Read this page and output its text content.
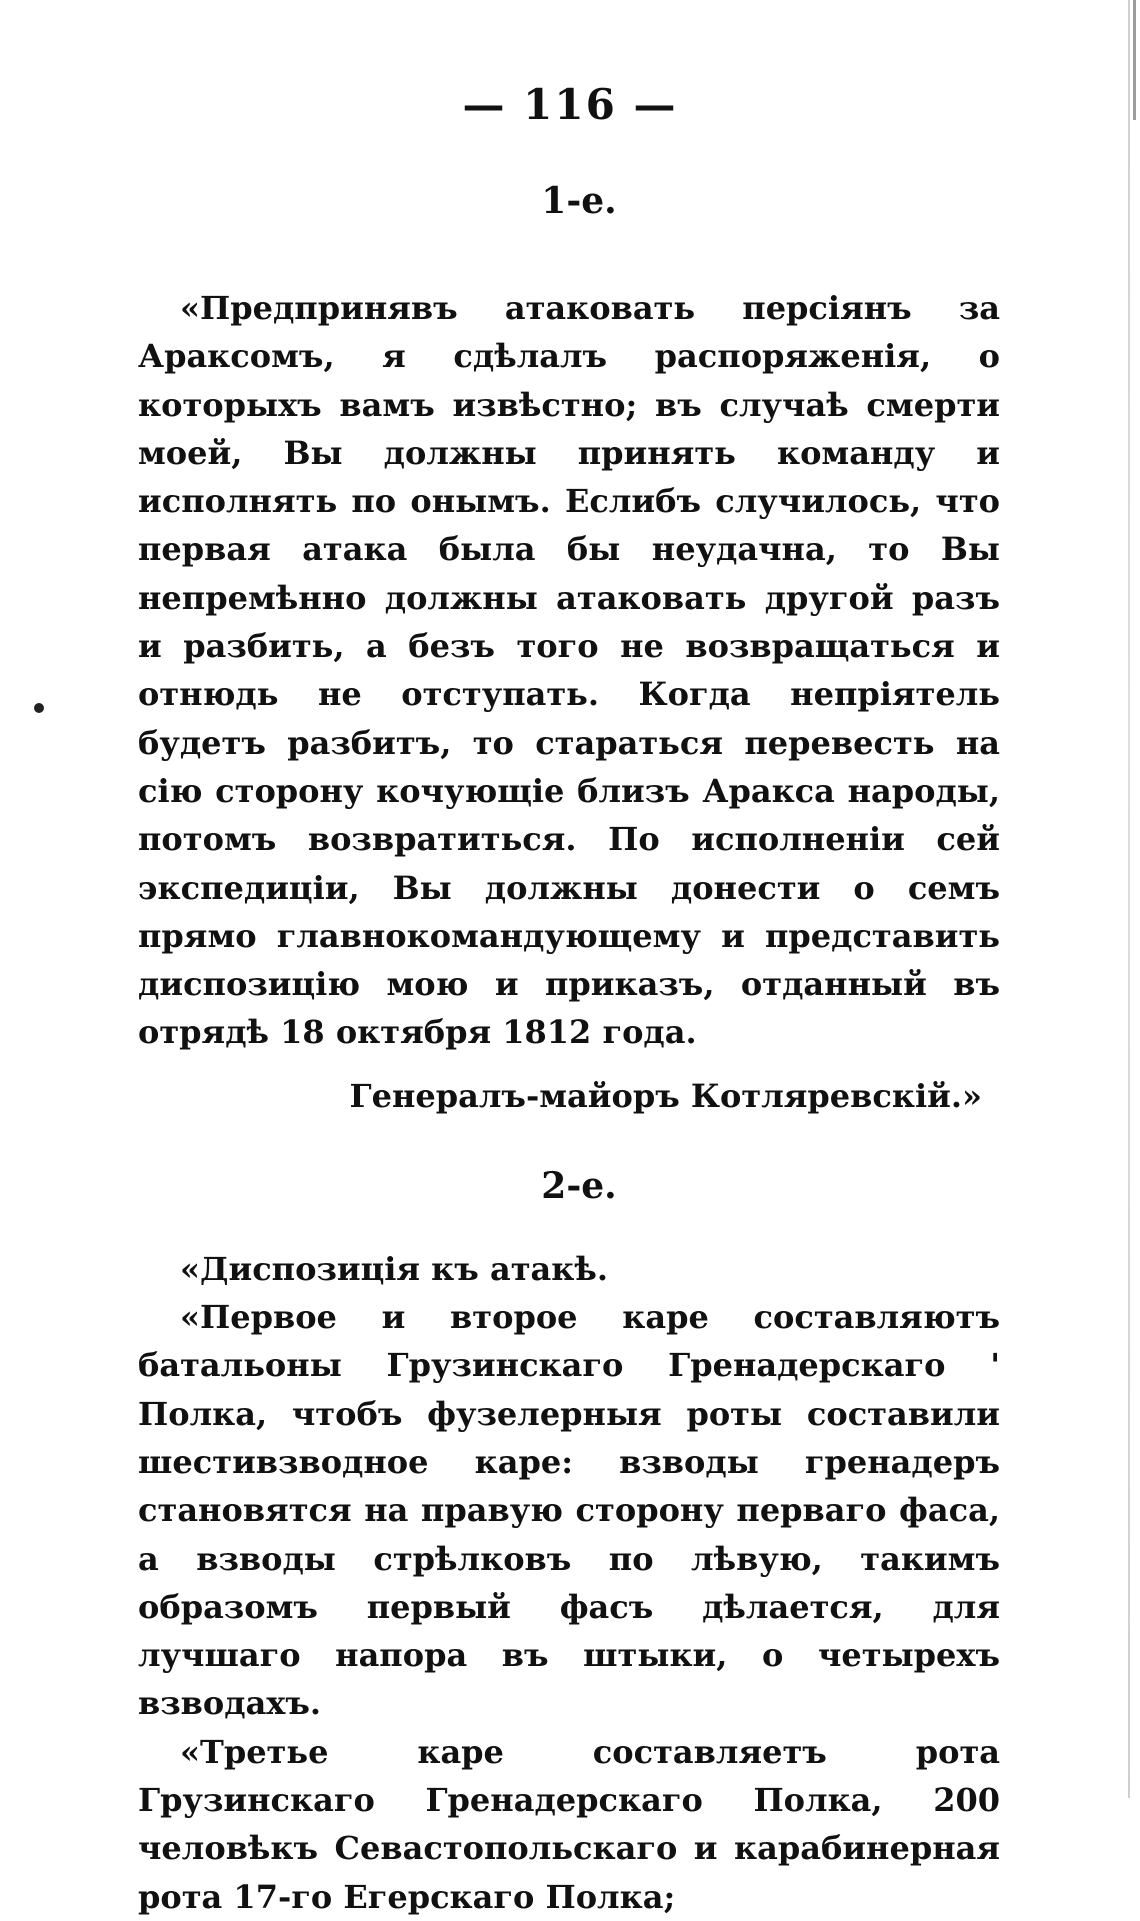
— 116 —
1-е.

«Предпринявъ атаковать персіянъ за Араксомъ, я сдѣлалъ распоряженія, о которыхъ вамъ извѣстно; въ случаѣ смерти моей, Вы должны принять команду и исполнять по онымъ. Еслибъ случилось, что первая атака была бы неудачна, то Вы непремѣнно должны атаковать другой разъ и разбить, а безъ того не возвращаться и отнюдь не отступать. Когда непріятель будетъ разбитъ, то стараться перевесть на сію сторону кочующіе близъ Аракса народы, потомъ возвратиться. По исполненіи сей экспедиціи, Вы должны донести о семъ прямо главнокомандующему и представить диспозицію мою и приказъ, отданный въ отрядѣ 18 октября 1812 года.

Генералъ-майоръ Котляревскій.»
2-е.

«Диспозиція къ атакѣ.

«Первое и второе каре составляютъ батальоны Грузинскаго Гренадерскаго ' Полка, чтобъ фузелерныя роты составили шестивзводное каре: взводы гренадеръ становятся на правую сторону перваго фаса, а взводы стрѣлковъ по лѣвую, такимъ образомъ первый фасъ дѣлается, для лучшаго напора въ штыки, о четырехъ взводахъ.

«Третье каре составляетъ рота Грузинскаго Гренадерскаго Полка, 200 человѣкъ Севастопольскаго и карабинерная рота 17-го Егерскаго Полка;
